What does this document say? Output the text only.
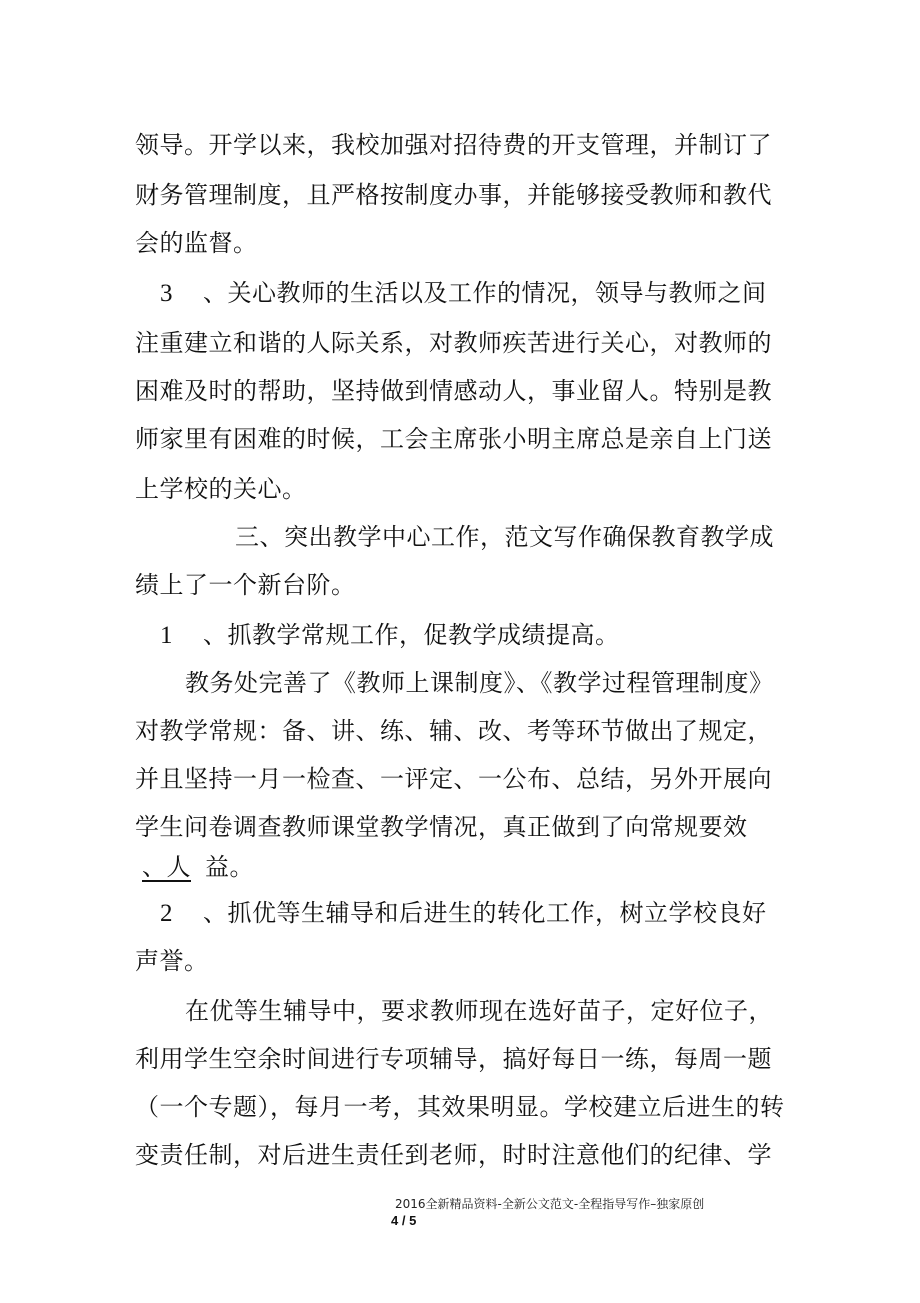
领导。开学以来，我校加强对招待费的开支管理，并制订了
财务管理制度，且严格按制度办事，并能够接受教师和教代
会的监督。
3 、关心教师的生活以及工作的情况，领导与教师之间
注重建立和谐的人际关系，对教师疾苦进行关心，对教师的
困难及时的帮助，坚持做到情感动人，事业留人。特别是教
师家里有困难的时候，工会主席张小明主席总是亲自上门送
上学校的关心。
三、突出教学中心工作，范文写作确保教育教学成
绩上了一个新台阶。
1 、抓教学常规工作，促教学成绩提高。
教务处完善了《教师上课制度》、《教学过程管理制度》
对教学常规：备、讲、练、辅、改、考等环节做出了规定，
并且坚持一月一检查、一评定、一公布、总结，另外开展向
学生问卷调查教师课堂教学情况，真正做到了向常规要效
、人 益。
2 、抓优等生辅导和后进生的转化工作，树立学校良好
声誉。
在优等生辅导中，要求教师现在选好苗子，定好位子，
利用学生空余时间进行专项辅导，搞好每日一练，每周一题
（一个专题），每月一考，其效果明显。学校建立后进生的转
变责任制，对后进生责任到老师，时时注意他们的纪律、学
2016全新精品资料-全新公文范文-全程指导写作–独家原创
4 / 5
